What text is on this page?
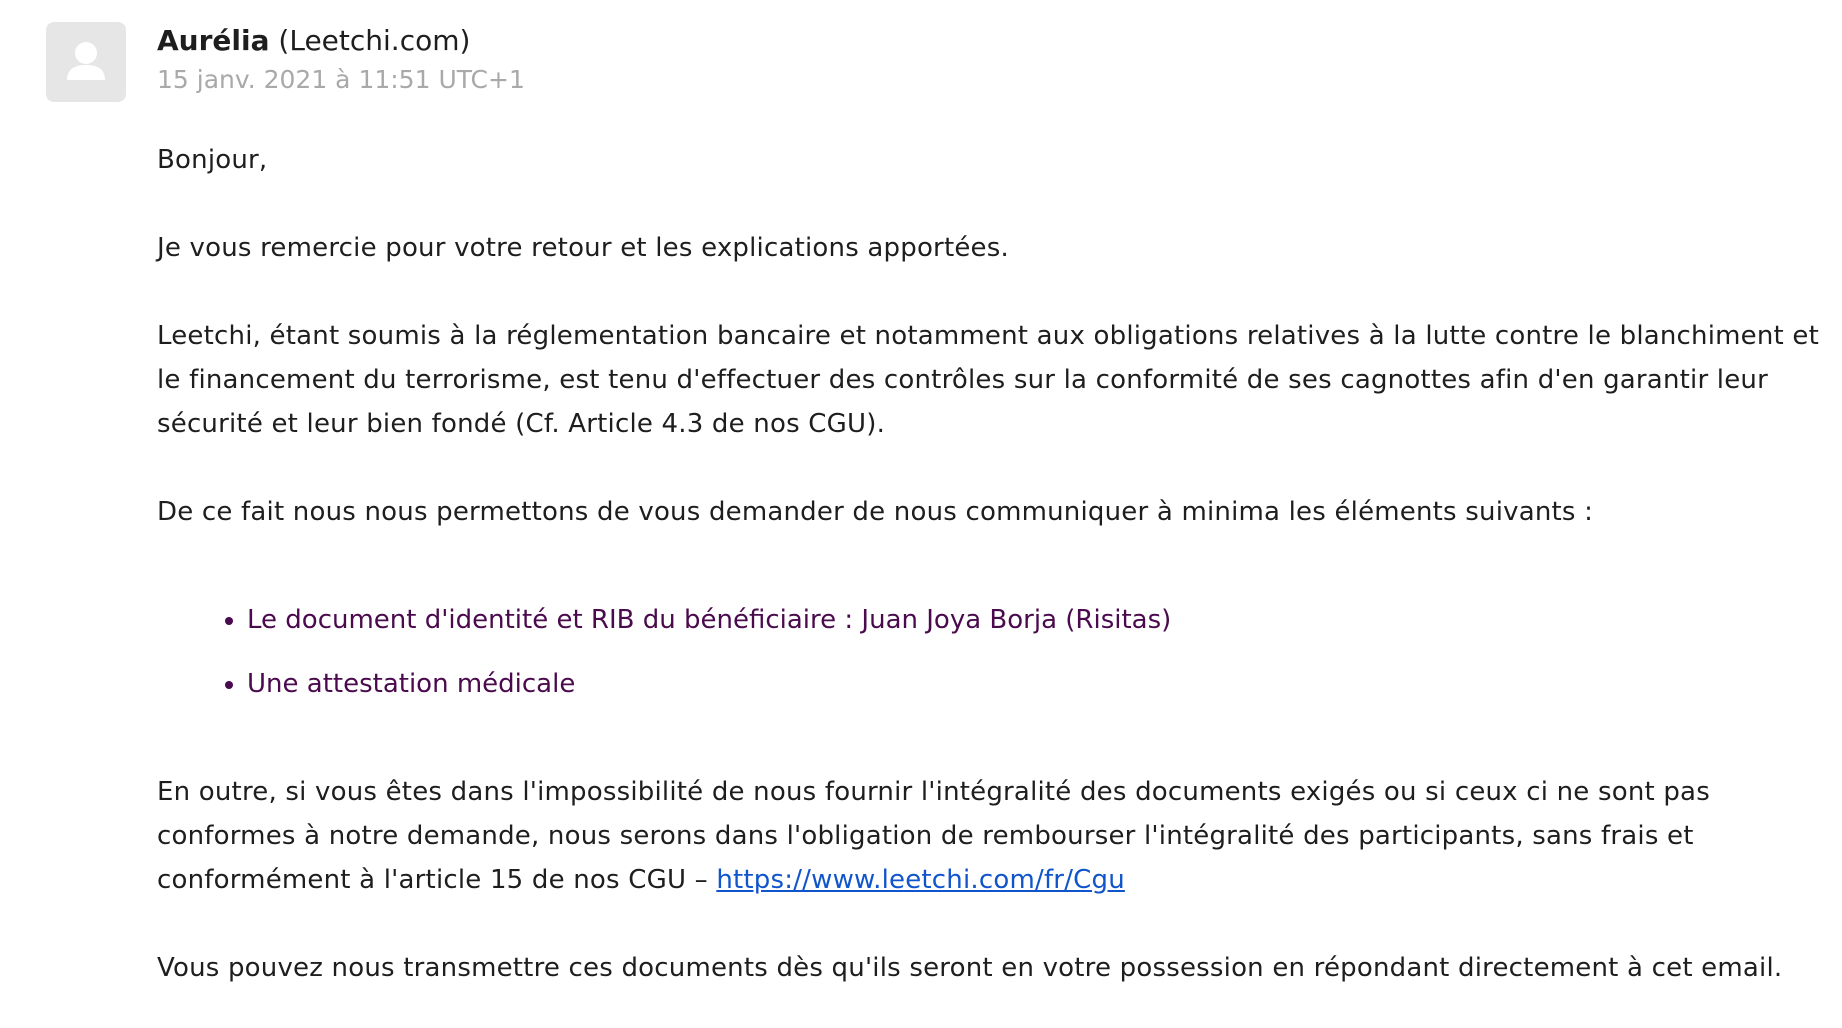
Aurélia (Leetchi.com)
15 janv. 2021 à 11:51 UTC+1

Bonjour,

Je vous remercie pour votre retour et les explications apportées.

Leetchi, étant soumis à la réglementation bancaire et notamment aux obligations relatives à la lutte contre le blanchiment et le financement du terrorisme, est tenu d'effectuer des contrôles sur la conformité de ses cagnottes afin d'en garantir leur sécurité et leur bien fondé (Cf. Article 4.3 de nos CGU).

De ce fait nous nous permettons de vous demander de nous communiquer à minima les éléments suivants :

• Le document d'identité et RIB du bénéficiaire : Juan Joya Borja (Risitas)
• Une attestation médicale

En outre, si vous êtes dans l'impossibilité de nous fournir l'intégralité des documents exigés ou si ceux ci ne sont pas conformes à notre demande, nous serons dans l'obligation de rembourser l'intégralité des participants, sans frais et conformément à l'article 15 de nos CGU – https://www.leetchi.com/fr/Cgu

Vous pouvez nous transmettre ces documents dès qu'ils seront en votre possession en répondant directement à cet email.
